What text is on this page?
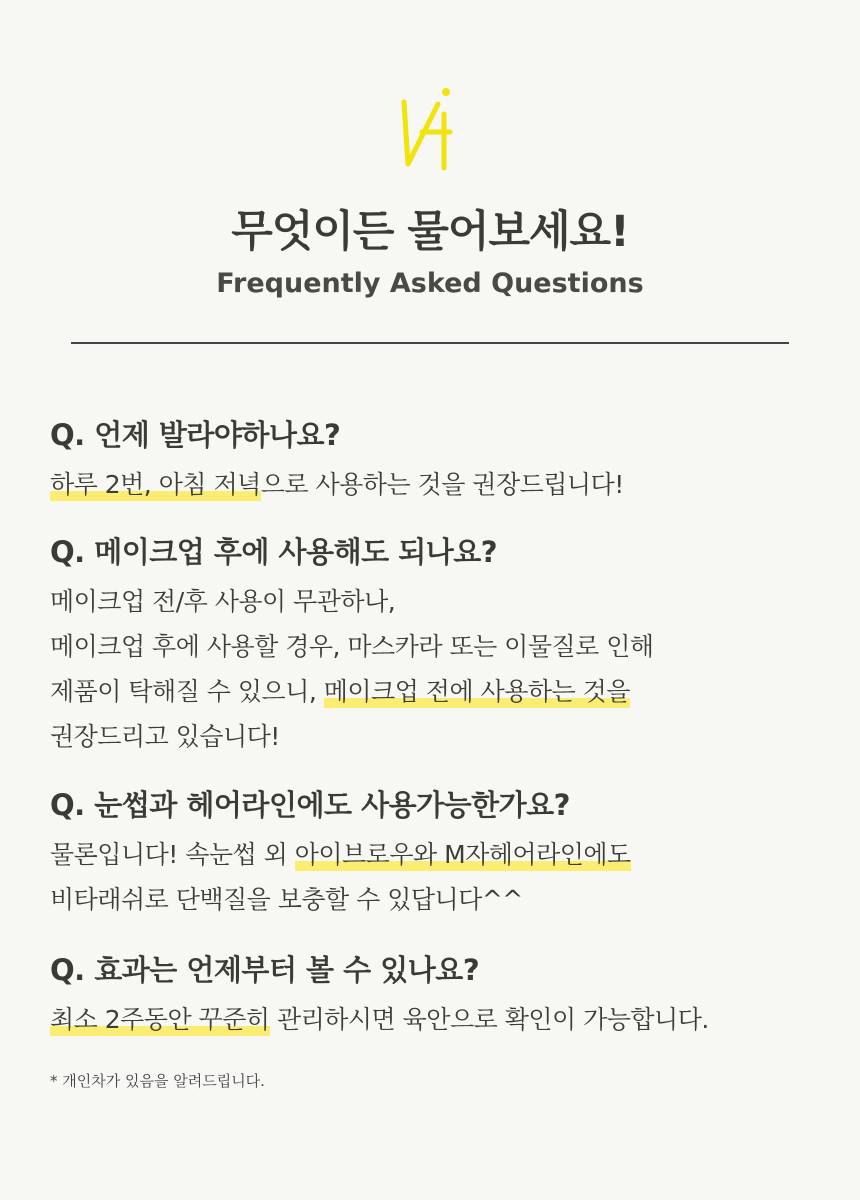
무엇이든 물어보세요!
Frequently Asked Questions

Q. 언제 발라야하나요?

하루 2번, 아침 저녁으로 사용하는 것을 권장드립니다!

Q. 메이크업 후에 사용해도 되나요?

메이크업 전/후 사용이 무관하나,

메이크업 후에 사용할 경우, 마스카라 또는 이물질로 인해

제품이 탁해질 수 있으니, 메이크업 전에 사용하는 것을

권장드리고 있습니다!

Q. 눈썹과 헤어라인에도 사용가능한가요?

물론입니다! 속눈썹 외 아이브로우와 M자헤어라인에도

비타래쉬로 단백질을 보충할 수 있답니다^^

Q. 효과는 언제부터 볼 수 있나요?

최소 2주동안 꾸준히 관리하시면 육안으로 확인이 가능합니다.

* 개인차가 있음을 알려드립니다.
